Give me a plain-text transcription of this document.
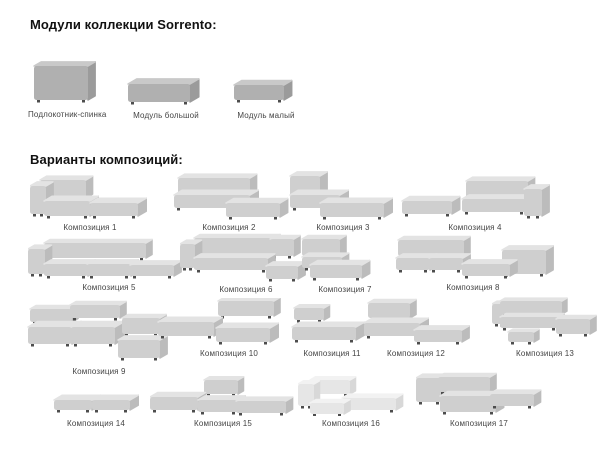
Модули коллекции Sorrento:
Подлокотник-спинка	Модуль большой	Модуль малый
Варианты композиций:
Композиция 1	Композиция 2	Композиция 3	Композиция 4
Композиция 5	Композиция 6	Композиция 7	Композиция 8
Композиция 9
Композиция 10	Композиция 11	Композиция 12	Композиция 13
Композиция 14	Композиция 15	Композиция 16	Композиция 17
